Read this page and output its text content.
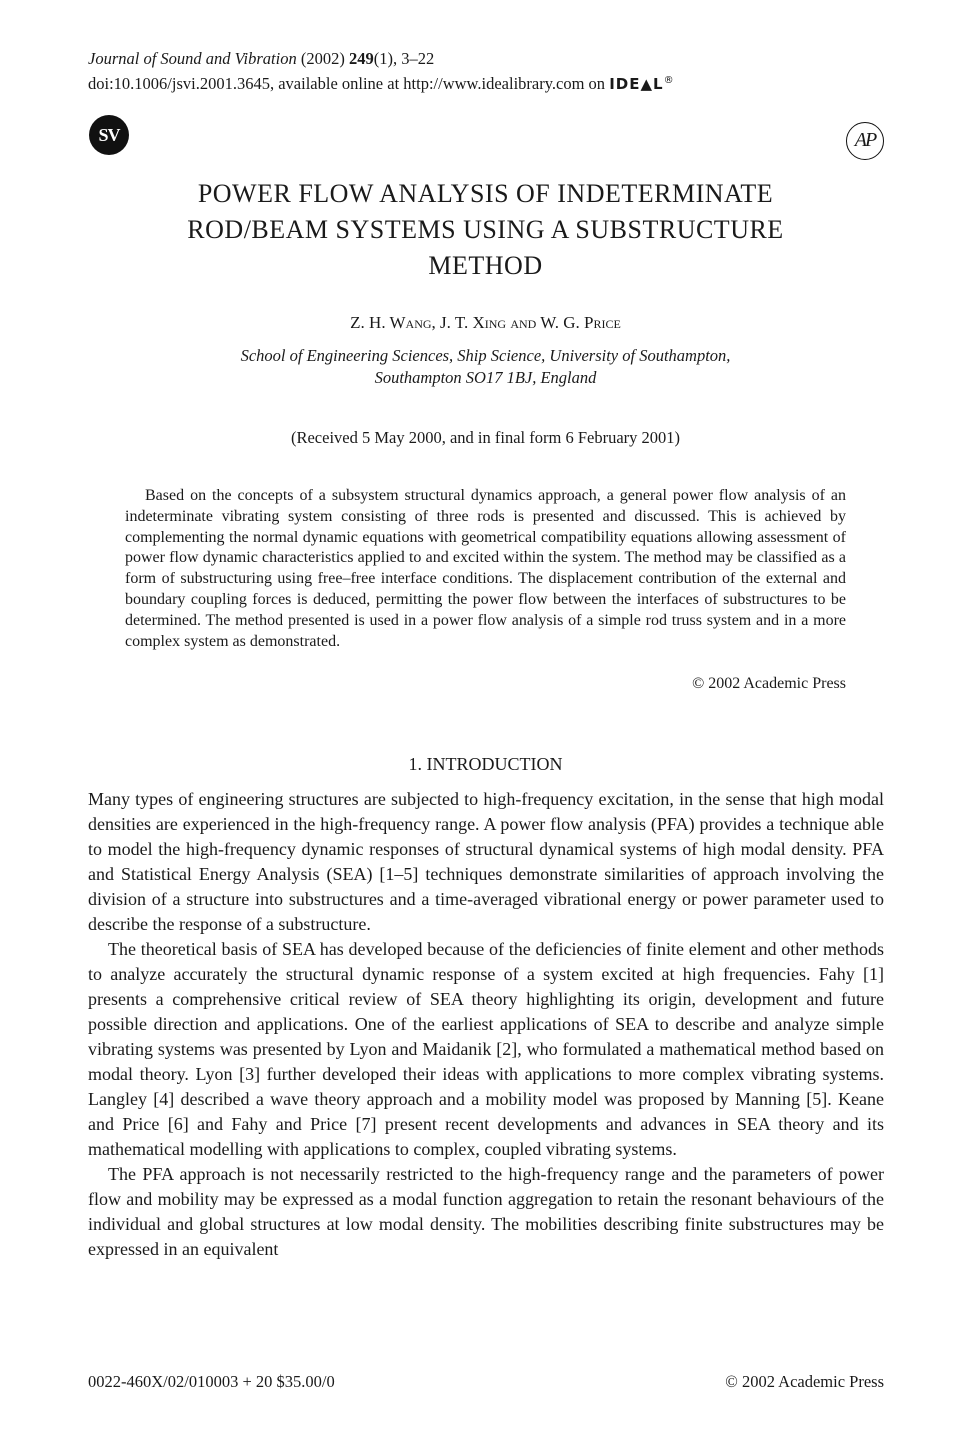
Journal of Sound and Vibration (2002) 249(1), 3–22
doi:10.1006/jsvi.2001.3645, available online at http://www.idealibrary.com on IDE▲L®
SV	AP
POWER FLOW ANALYSIS OF INDETERMINATE
ROD/BEAM SYSTEMS USING A SUBSTRUCTURE
METHOD
Z. H. Wang, J. T. Xing and W. G. Price
School of Engineering Sciences, Ship Science, University of Southampton,
Southampton SO17 1BJ, England
(Received 5 May 2000, and in final form 6 February 2001)
Based on the concepts of a subsystem structural dynamics approach, a general power flow analysis of an indeterminate vibrating system consisting of three rods is presented and discussed. This is achieved by complementing the normal dynamic equations with geometrical compatibility equations allowing assessment of power flow dynamic characteristics applied to and excited within the system. The method may be classified as a form of substructuring using free–free interface conditions. The displacement contribution of the external and boundary coupling forces is deduced, permitting the power flow between the interfaces of substructures to be determined. The method presented is used in a power flow analysis of a simple rod truss system and in a more complex system as demonstrated.
© 2002 Academic Press
1. INTRODUCTION

Many types of engineering structures are subjected to high-frequency excitation, in the sense that high modal densities are experienced in the high-frequency range. A power flow analysis (PFA) provides a technique able to model the high-frequency dynamic responses of structural dynamical systems of high modal density. PFA and Statistical Energy Analysis (SEA) [1–5] techniques demonstrate similarities of approach involving the division of a structure into substructures and a time-averaged vibrational energy or power parameter used to describe the response of a substructure.

The theoretical basis of SEA has developed because of the deficiencies of finite element and other methods to analyze accurately the structural dynamic response of a system excited at high frequencies. Fahy [1] presents a comprehensive critical review of SEA theory highlighting its origin, development and future possible direction and applications. One of the earliest applications of SEA to describe and analyze simple vibrating systems was presented by Lyon and Maidanik [2], who formulated a mathematical method based on modal theory. Lyon [3] further developed their ideas with applications to more complex vibrating systems. Langley [4] described a wave theory approach and a mobility model was proposed by Manning [5]. Keane and Price [6] and Fahy and Price [7] present recent developments and advances in SEA theory and its mathematical modelling with applications to complex, coupled vibrating systems.

The PFA approach is not necessarily restricted to the high-frequency range and the parameters of power flow and mobility may be expressed as a modal function aggregation to retain the resonant behaviours of the individual and global structures at low modal density. The mobilities describing finite substructures may be expressed in an equivalent

0022-460X/02/010003 + 20 $35.00/0	© 2002 Academic Press
